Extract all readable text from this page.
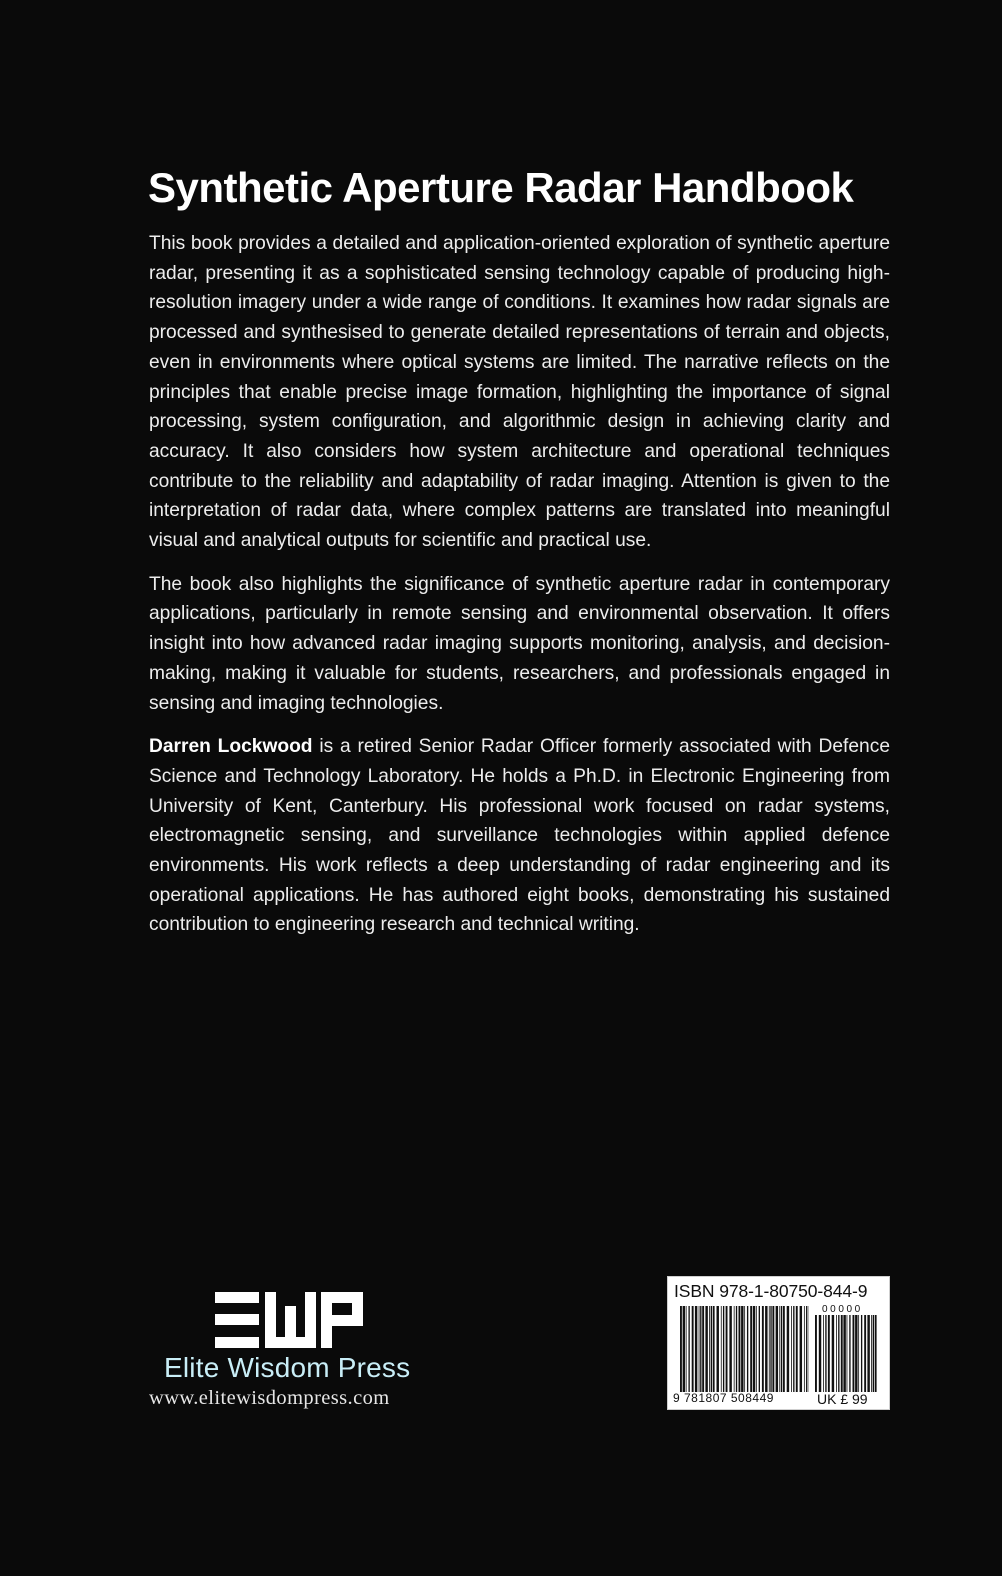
Synthetic Aperture Radar Handbook

This book provides a detailed and application-oriented exploration of synthetic aperture radar, presenting it as a sophisticated sensing technology capable of producing high-resolution imagery under a wide range of conditions. It examines how radar signals are processed and synthesised to generate detailed representations of terrain and objects, even in environments where optical systems are limited. The narrative reflects on the principles that enable precise image formation, highlighting the importance of signal processing, system configuration, and algorithmic design in achieving clarity and accuracy. It also considers how system architecture and operational techniques contribute to the reliability and adaptability of radar imaging. Attention is given to the interpretation of radar data, where complex patterns are translated into meaningful visual and analytical outputs for scientific and practical use.

The book also highlights the significance of synthetic aperture radar in contemporary applications, particularly in remote sensing and environmental observation. It offers insight into how advanced radar imaging supports monitoring, analysis, and decision-making, making it valuable for students, researchers, and professionals engaged in sensing and imaging technologies.

Darren Lockwood is a retired Senior Radar Officer formerly associated with Defence Science and Technology Laboratory. He holds a Ph.D. in Electronic Engineering from University of Kent, Canterbury. His professional work focused on radar systems, electromagnetic sensing, and surveillance technologies within applied defence environments. His work reflects a deep understanding of radar engineering and its operational applications. He has authored eight books, demonstrating his sustained contribution to engineering research and technical writing.

Elite Wisdom Press
www.elitewisdompress.com
ISBN 978-1-80750-844-9
00000
9 781807 508449	UK £ 99
